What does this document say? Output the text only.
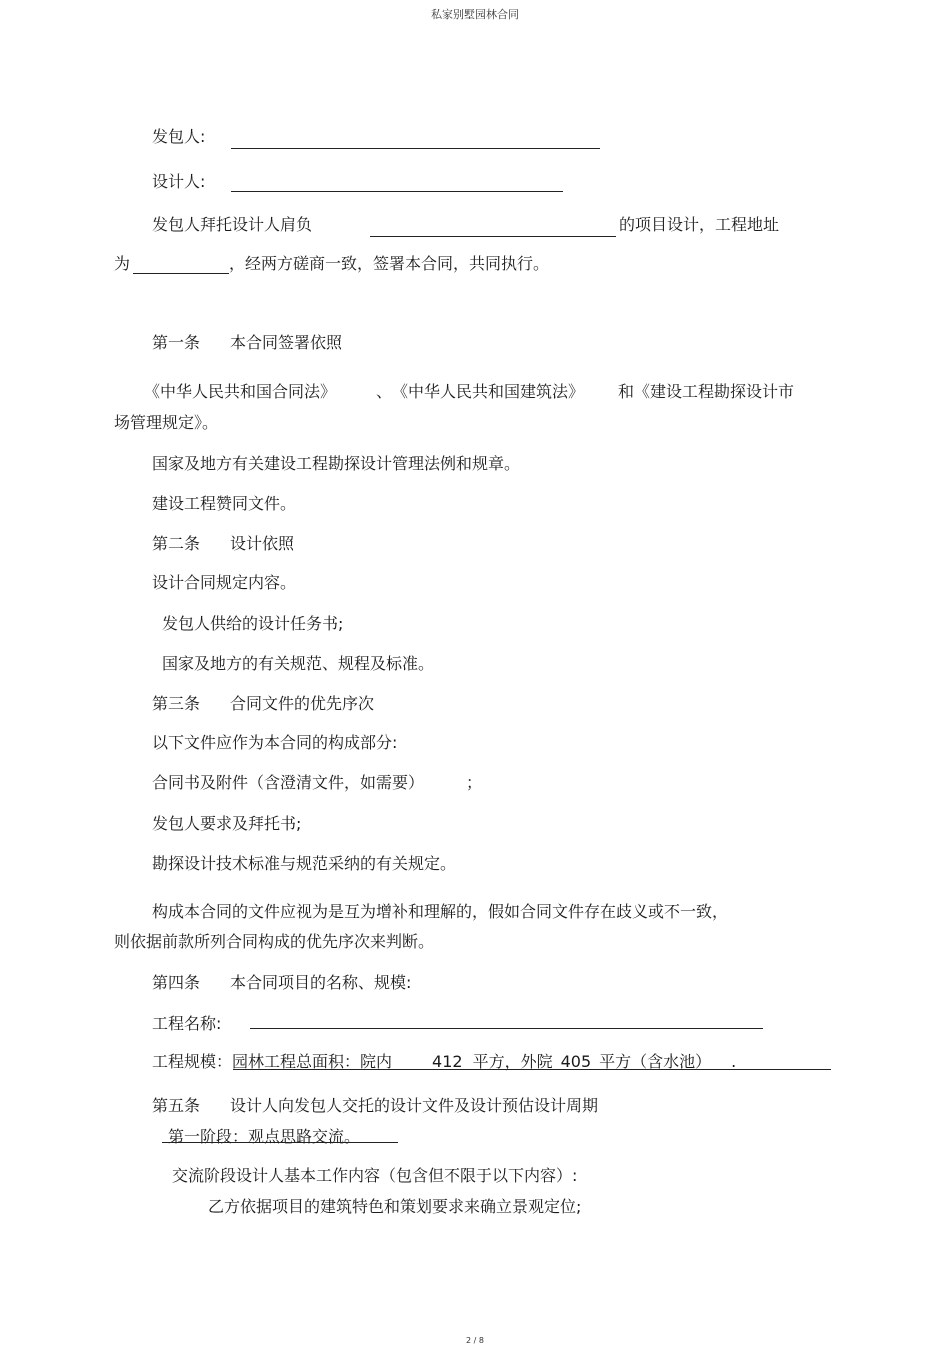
私家别墅园林合同
发包人:
设计人:
发包人拜托设计人肩负	的项目设计，工程地址
为	，经两方磋商一致，签署本合同，共同执行。
第一条 本合同签署依照
《中华人民共和国合同法》 、 《中华人民共和国建筑法》 和《建设工程勘探设计市
场管理规定》。
国家及地方有关建设工程勘探设计管理法例和规章。
建设工程赞同文件。
第二条 设计依照
设计合同规定内容。
发包人供给的设计任务书;
国家及地方的有关规范、规程及标准。
第三条 合同文件的优先序次
以下文件应作为本合同的构成部分:
合同书及附件（含澄清文件，如需要）	；
发包人要求及拜托书;
勘探设计技术标准与规范采纳的有关规定。
构成本合同的文件应视为是互为增补和理解的，假如合同文件存在歧义或不一致，
则依据前款所列合同构成的优先序次来判断。
第四条 本合同项目的名称、规模:
工程名称:
工程规模：园林工程总面积：院内	412 平方，外院 405 平方（含水池） .
第五条 设计人向发包人交托的设计文件及设计预估设计周期
第一阶段：观点思路交流。
交流阶段设计人基本工作内容（包含但不限于以下内容）:
乙方依据项目的建筑特色和策划要求来确立景观定位;
2 / 8
